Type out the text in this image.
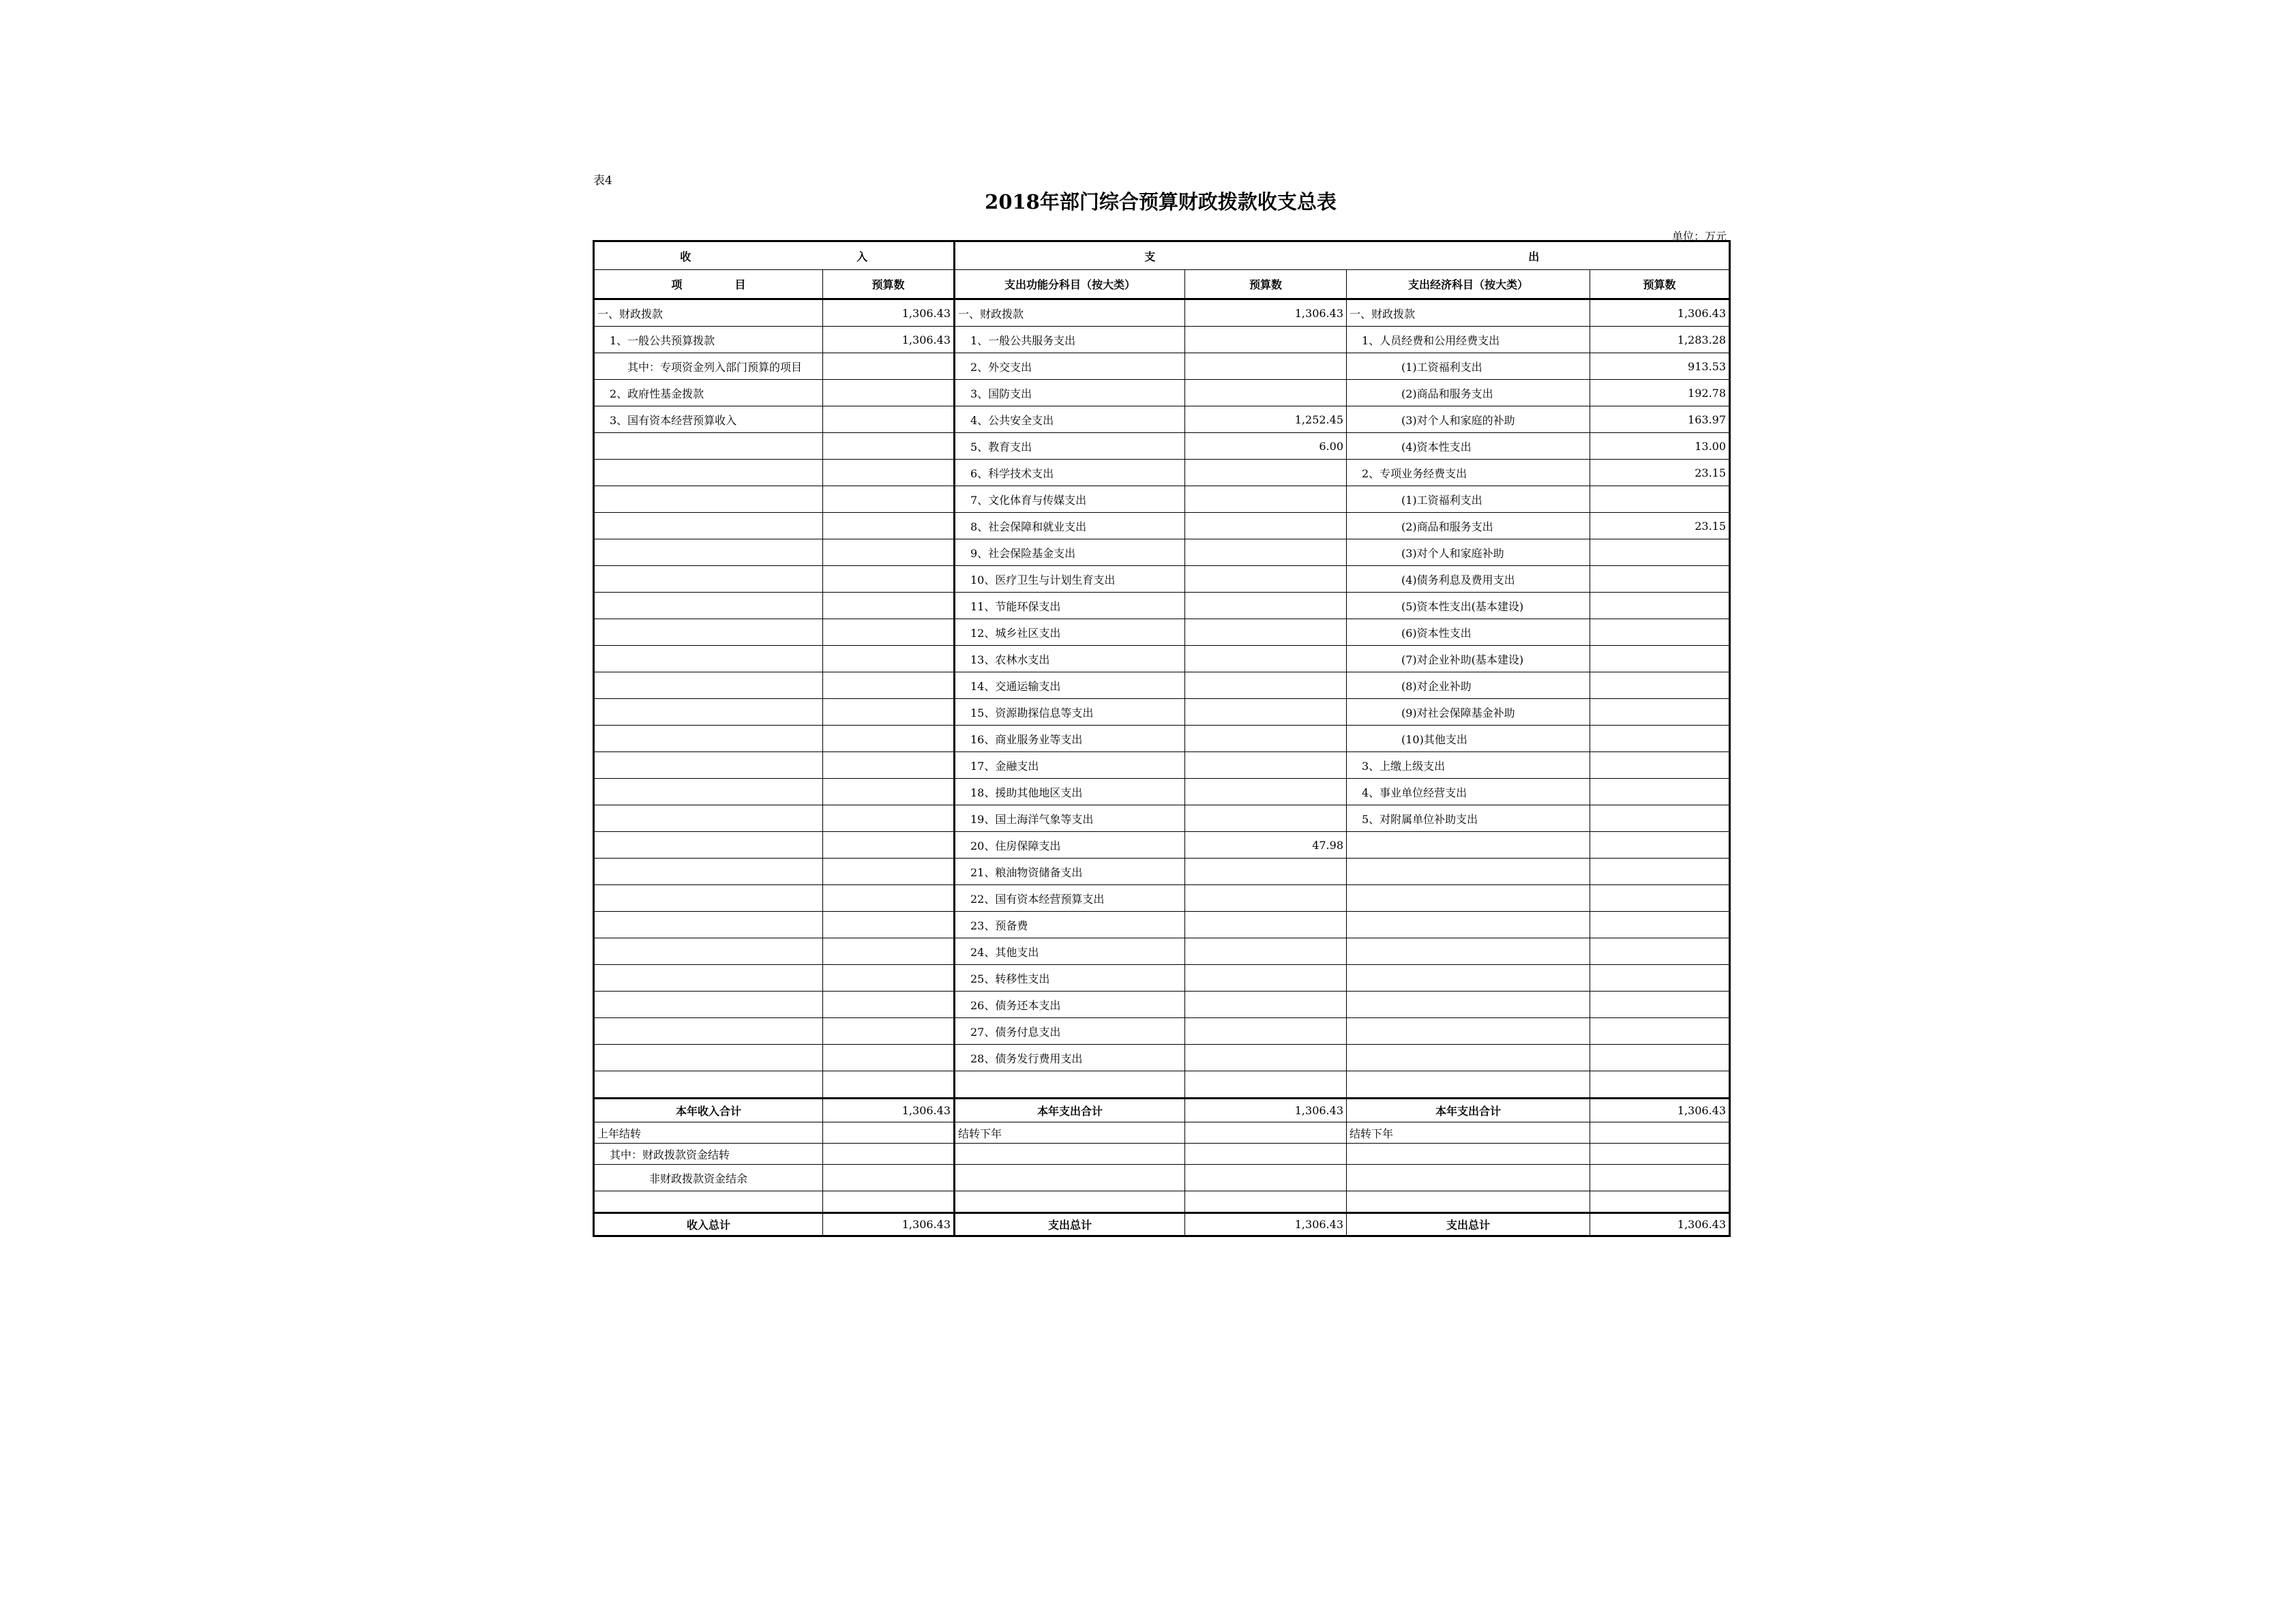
表4
2018年部门综合预算财政拨款收支总表
单位：万元
收 入		支 出			

项 目	预算数	支出功能分科目（按大类）	预算数	支出经济科目（按大类）	预算数
一、财政拨款	1,306.43	一、财政拨款	1,306.43	一、财政拨款	1,306.43
1、一般公共预算拨款	1,306.43	1、一般公共服务支出		1、人员经费和公用经费支出	1,283.28
其中：专项资金列入部门预算的项目		2、外交支出		(1)工资福利支出	913.53
2、政府性基金拨款		3、国防支出		(2)商品和服务支出	192.78
3、国有资本经营预算收入		4、公共安全支出	1,252.45	(3)对个人和家庭的补助	163.97
		5、教育支出	6.00	(4)资本性支出	13.00
		6、科学技术支出		2、专项业务经费支出	23.15
		7、文化体育与传媒支出		(1)工资福利支出	
		8、社会保障和就业支出		(2)商品和服务支出	23.15
		9、社会保险基金支出		(3)对个人和家庭补助	
		10、医疗卫生与计划生育支出		(4)债务利息及费用支出	
		11、节能环保支出		(5)资本性支出(基本建设)	
		12、城乡社区支出		(6)资本性支出	
		13、农林水支出		(7)对企业补助(基本建设)	
		14、交通运输支出		(8)对企业补助	
		15、资源勘探信息等支出		(9)对社会保障基金补助	
		16、商业服务业等支出		(10)其他支出	
		17、金融支出		3、上缴上级支出	
		18、援助其他地区支出		4、事业单位经营支出	
		19、国土海洋气象等支出		5、对附属单位补助支出	
		20、住房保障支出	47.98		
		21、粮油物资储备支出			
		22、国有资本经营预算支出			
		23、预备费			
		24、其他支出			
		25、转移性支出			
		26、债务还本支出			
		27、债务付息支出			
		28、债务发行费用支出			

本年收入合计	1,306.43	本年支出合计	1,306.43	本年支出合计	1,306.43
上年结转		结转下年		结转下年	
其中：财政拨款资金结转					
非财政拨款资金结余					

收入总计	1,306.43	支出总计	1,306.43	支出总计	1,306.43
